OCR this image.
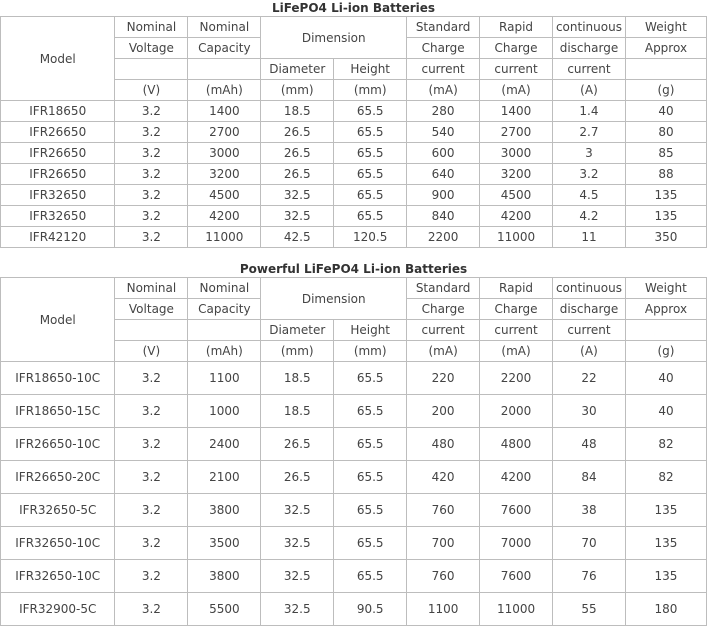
LiFePO4 Li-ion Batteries
Model	Nominal	Nominal	Dimension		Standard	Rapid	continuous	Weight
	Voltage	Capacity			Charge	Charge	discharge	Approx
			Diameter	Height	current	current	current	
	(V)	(mAh)	(mm)	(mm)	(mA)	(mA)	(A)	(g)
IFR18650	3.2	1400	18.5	65.5	280	1400	1.4	40
IFR26650	3.2	2700	26.5	65.5	540	2700	2.7	80
IFR26650	3.2	3000	26.5	65.5	600	3000	3	85
IFR26650	3.2	3200	26.5	65.5	640	3200	3.2	88
IFR32650	3.2	4500	32.5	65.5	900	4500	4.5	135
IFR32650	3.2	4200	32.5	65.5	840	4200	4.2	135
IFR42120	3.2	11000	42.5	120.5	2200	11000	11	350
Powerful LiFePO4 Li-ion Batteries
Model	Nominal	Nominal	Dimension		Standard	Rapid	continuous	Weight
	Voltage	Capacity			Charge	Charge	discharge	Approx
			Diameter	Height	current	current	current	
	(V)	(mAh)	(mm)	(mm)	(mA)	(mA)	(A)	(g)
IFR18650-10C	3.2	1100	18.5	65.5	220	2200	22	40
IFR18650-15C	3.2	1000	18.5	65.5	200	2000	30	40
IFR26650-10C	3.2	2400	26.5	65.5	480	4800	48	82
IFR26650-20C	3.2	2100	26.5	65.5	420	4200	84	82
IFR32650-5C	3.2	3800	32.5	65.5	760	7600	38	135
IFR32650-10C	3.2	3500	32.5	65.5	700	7000	70	135
IFR32650-10C	3.2	3800	32.5	65.5	760	7600	76	135
IFR32900-5C	3.2	5500	32.5	90.5	1100	11000	55	180
